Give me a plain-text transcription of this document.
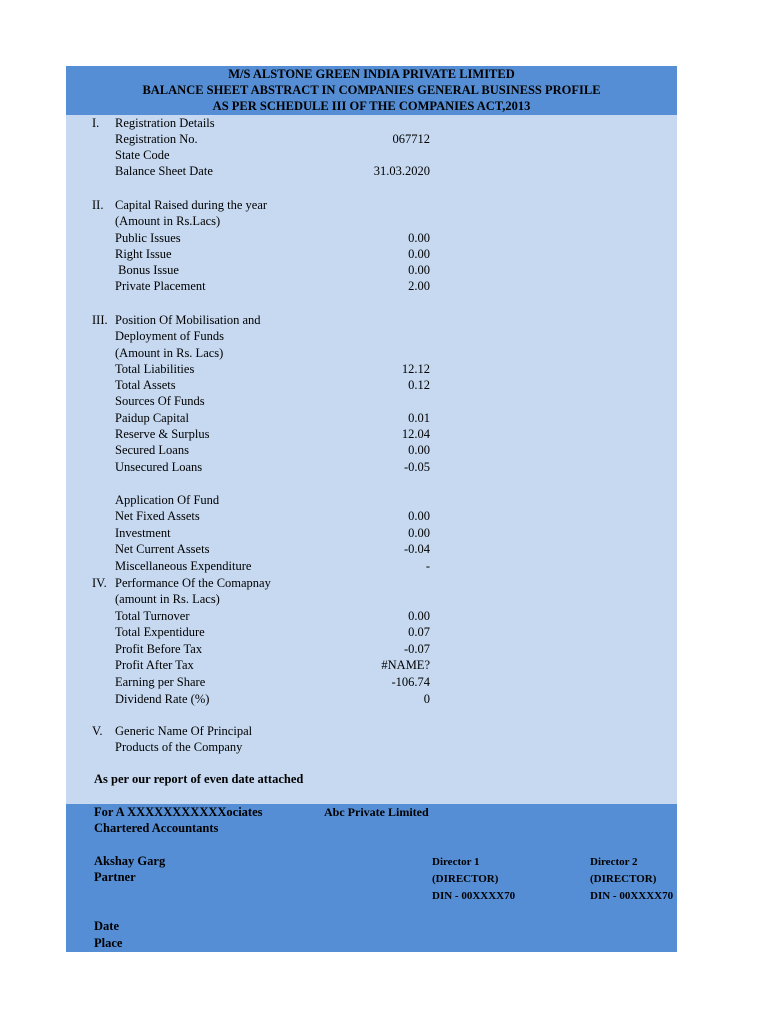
M/S ALSTONE GREEN INDIA PRIVATE LIMITED
BALANCE SHEET ABSTRACT IN COMPANIES GENERAL BUSINESS PROFILE
AS PER SCHEDULE III OF THE COMPANIES ACT,2013
I. Registration Details
Registration No.	067712
State Code
Balance Sheet Date	31.03.2020
II. Capital Raised during the year
(Amount in Rs.Lacs)
Public Issues	0.00
Right Issue	0.00
Bonus Issue	0.00
Private Placement	2.00
III. Position Of Mobilisation and
Deployment of Funds
(Amount in Rs. Lacs)
Total Liabilities	12.12
Total Assets	0.12
Sources Of Funds
Paidup Capital	0.01
Reserve & Surplus	12.04
Secured Loans	0.00
Unsecured Loans	-0.05
Application Of Fund
Net Fixed Assets	0.00
Investment	0.00
Net Current Assets	-0.04
Miscellaneous Expenditure	-
IV. Performance Of the Comapnay
(amount in Rs. Lacs)
Total Turnover	0.00
Total Expentidure	0.07
Profit Before Tax	-0.07
Profit After Tax	#NAME?
Earning per Share	-106.74
Dividend Rate (%)	0
V. Generic Name Of Principal
Products of the Company
As per our report of even date attached
For A XXXXXXXXXXXociates
Chartered Accountants
Abc Private Limited
Akshay Garg
Partner
Director 1
(DIRECTOR)
DIN - 00XXXX70
Director 2
(DIRECTOR)
DIN - 00XXXX70
Date
Place
